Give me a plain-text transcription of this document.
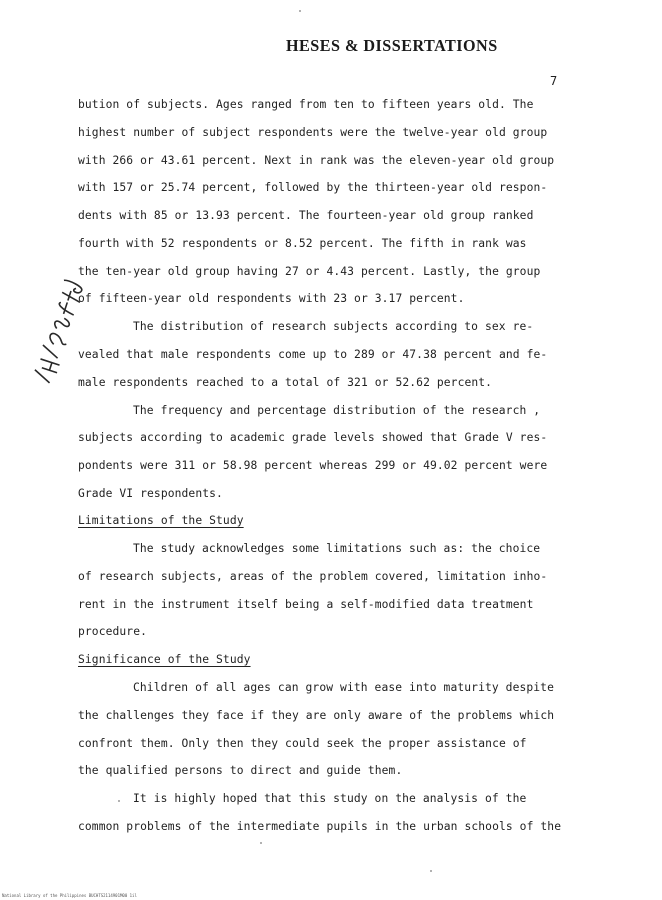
HESES & DISSERTATIONS
7
bution of subjects. Ages ranged from ten to fifteen years old. The
highest number of subject respondents were the twelve-year old group
with 266 or 43.61 percent. Next in rank was the eleven-year old group
with 157 or 25.74 percent, followed by the thirteen-year old respon-
dents with 85 or 13.93 percent. The fourteen-year old group ranked
fourth with 52 respondents or 8.52 percent. The fifth in rank was
the ten-year old group having 27 or 4.43 percent. Lastly, the group
of fifteen-year old respondents with 23 or 3.17 percent.
The distribution of research subjects according to sex re-
vealed that male respondents come up to 289 or 47.38 percent and fe-
male respondents reached to a total of 321 or 52.62 percent.
The frequency and percentage distribution of the research ,
subjects according to academic grade levels showed that Grade V res-
pondents were 311 or 58.98 percent whereas 299 or 49.02 percent were
Grade VI respondents.
Limitations of the Study
The study acknowledges some limitations such as: the choice
of research subjects, areas of the problem covered, limitation inho-
rent in the instrument itself being a self-modified data treatment
procedure.
Significance of the Study
Children of all ages can grow with ease into maturity despite
the challenges they face if they are only aware of the problems which
confront them. Only then they could seek the proper assistance of
the qualified persons to direct and guide them.
It is highly hoped that this study on the analysis of the
common problems of the intermediate pupils in the urban schools of the
National Library of the Philippines BUCHTS2114901M00 1il
